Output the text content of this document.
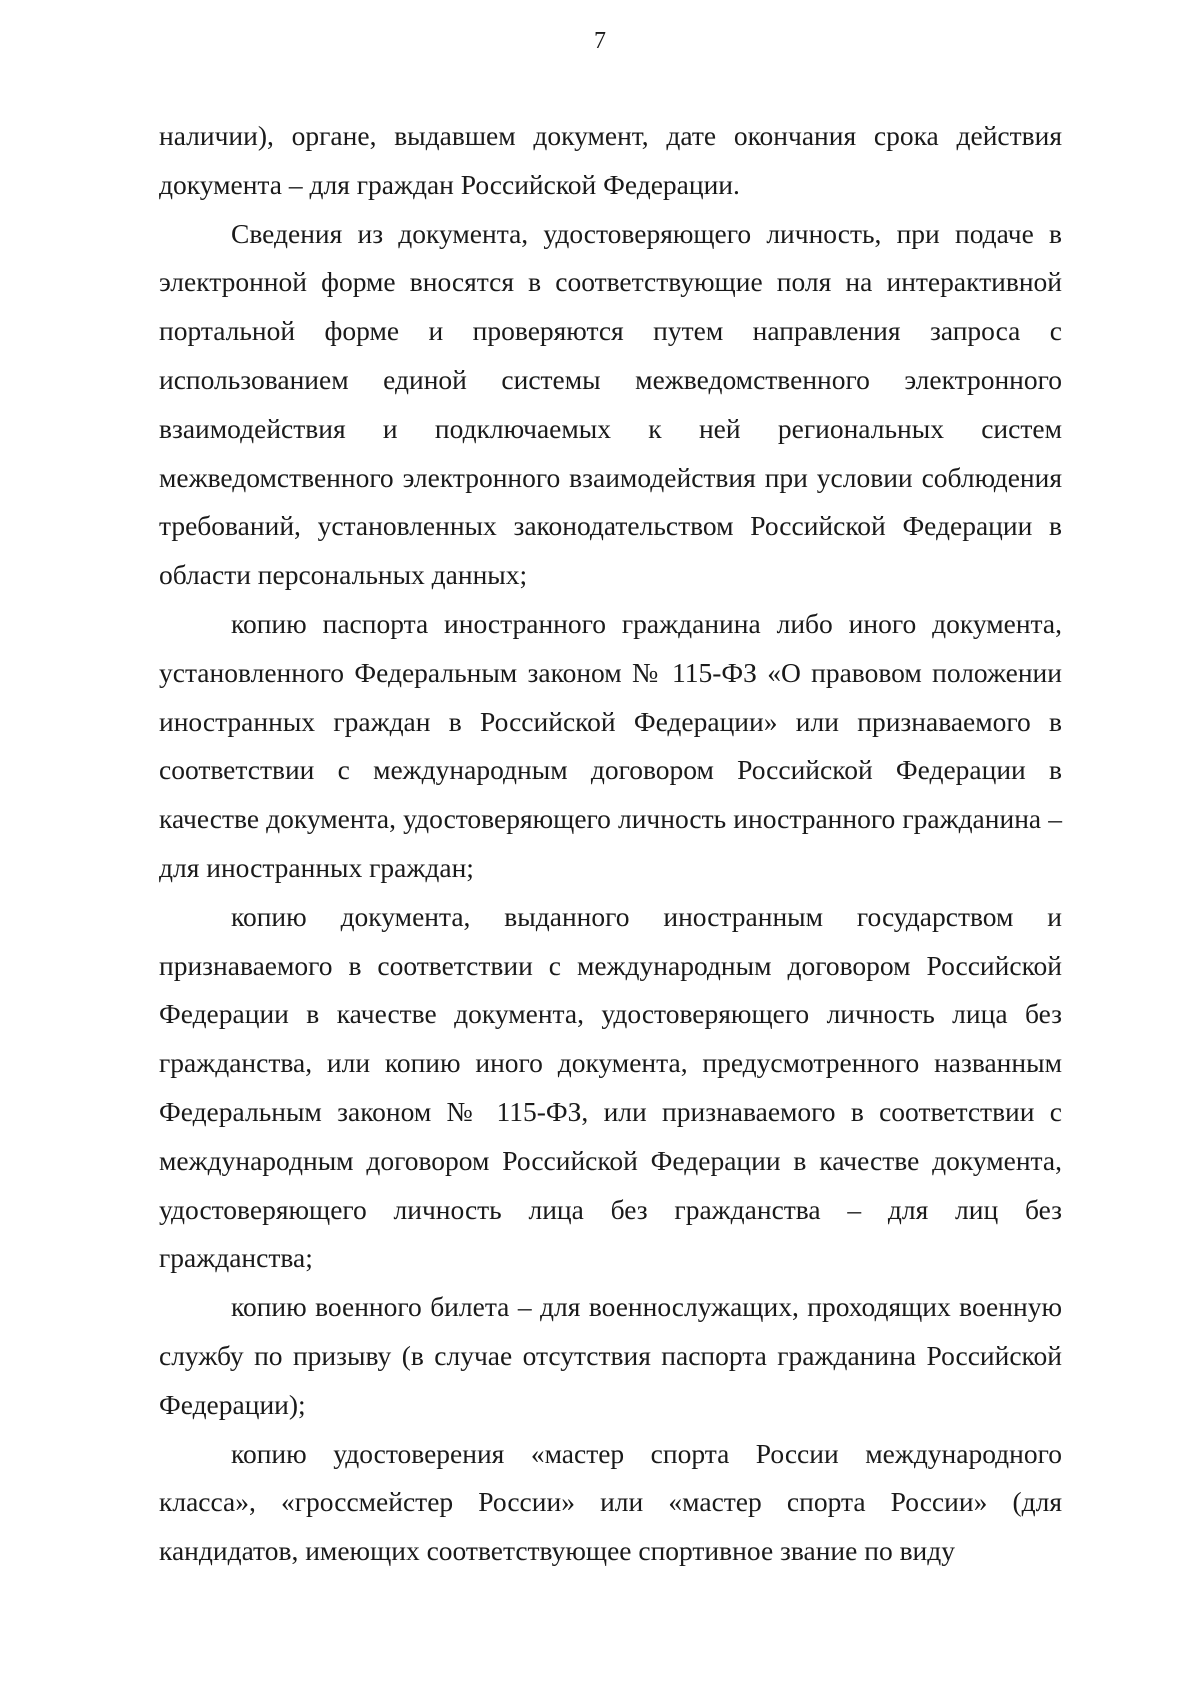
7

наличии), органе, выдавшем документ, дате окончания срока действия документа – для граждан Российской Федерации.

Сведения из документа, удостоверяющего личность, при подаче в электронной форме вносятся в соответствующие поля на интерактивной портальной форме и проверяются путем направления запроса с использованием единой системы межведомственного электронного взаимодействия и подключаемых к ней региональных систем межведомственного электронного взаимодействия при условии соблюдения требований, установленных законодательством Российской Федерации в области персональных данных;

копию паспорта иностранного гражданина либо иного документа, установленного Федеральным законом № 115-ФЗ «О правовом положении иностранных граждан в Российской Федерации» или признаваемого в соответствии с международным договором Российской Федерации в качестве документа, удостоверяющего личность иностранного гражданина – для иностранных граждан;

копию документа, выданного иностранным государством и признаваемого в соответствии с международным договором Российской Федерации в качестве документа, удостоверяющего личность лица без гражданства, или копию иного документа, предусмотренного названным Федеральным законом № 115-ФЗ, или признаваемого в соответствии с международным договором Российской Федерации в качестве документа, удостоверяющего личность лица без гражданства – для лиц без гражданства;

копию военного билета – для военнослужащих, проходящих военную службу по призыву (в случае отсутствия паспорта гражданина Российской Федерации);

копию удостоверения «мастер спорта России международного класса», «гроссмейстер России» или «мастер спорта России» (для кандидатов, имеющих соответствующее спортивное звание по виду
